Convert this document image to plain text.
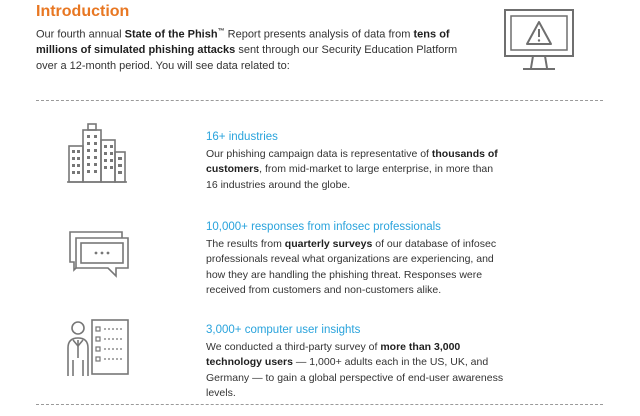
Introduction

Our fourth annual State of the Phish™ Report presents analysis of data from tens of millions of simulated phishing attacks sent through our Security Education Platform over a 12-month period. You will see data related to:

16+ industries

Our phishing campaign data is representative of thousands of customers, from mid-market to large enterprise, in more than 16 industries around the globe.

10,000+ responses from infosec professionals

The results from quarterly surveys of our database of infosec professionals reveal what organizations are experiencing, and how they are handling the phishing threat. Responses were received from customers and non-customers alike.

3,000+ computer user insights

We conducted a third-party survey of more than 3,000 technology users — 1,000+ adults each in the US, UK, and Germany — to gain a global perspective of end-user awareness levels.
